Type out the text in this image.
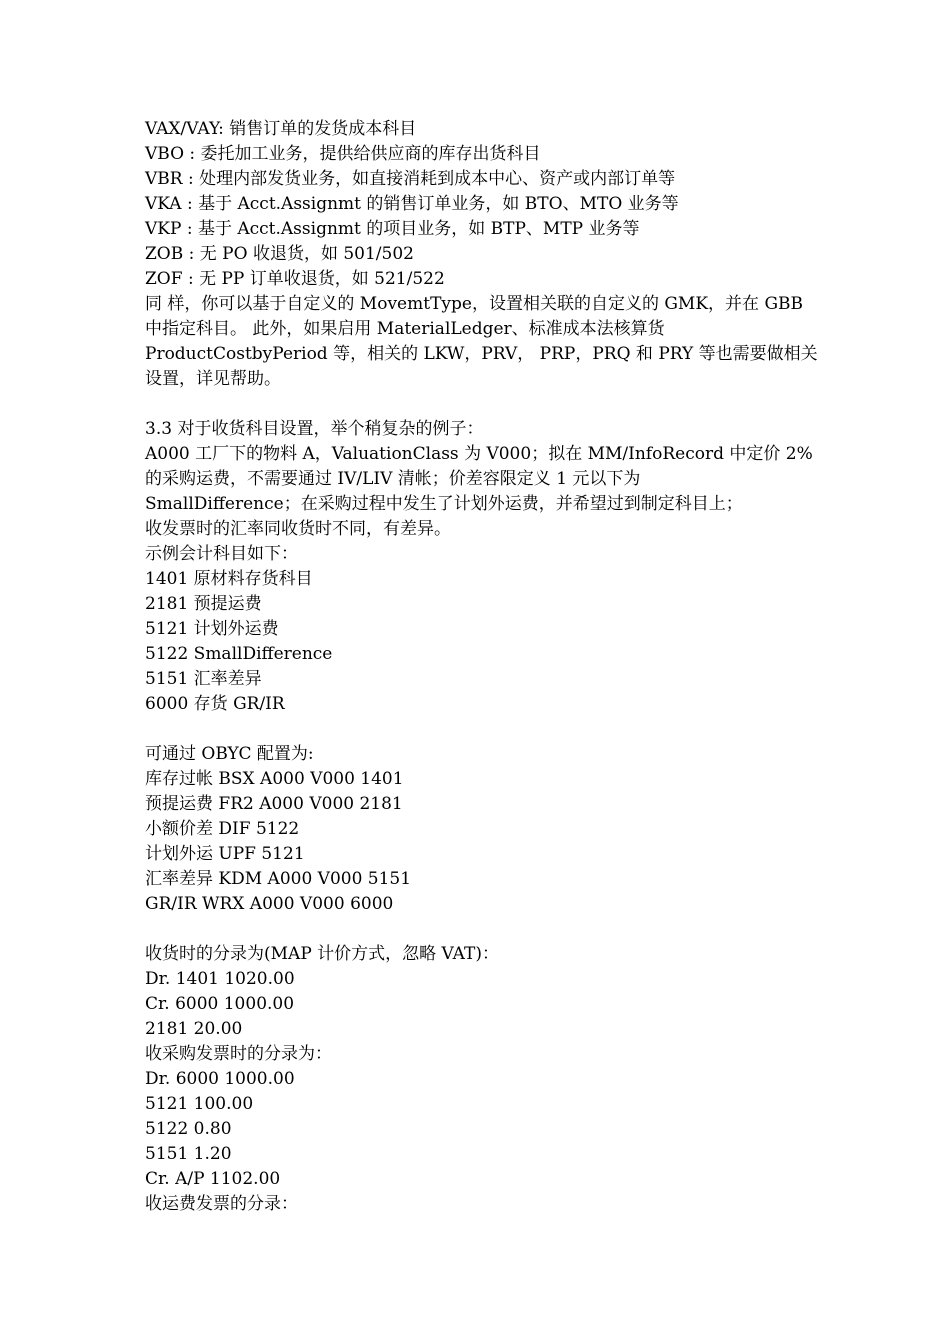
VAX/VAY: 销售订单的发货成本科目
VBO : 委托加工业务，提供给供应商的库存出货科目
VBR : 处理内部发货业务，如直接消耗到成本中心、资产或内部订单等
VKA : 基于 Acct.Assignmt 的销售订单业务，如 BTO、MTO 业务等
VKP : 基于 Acct.Assignmt 的项目业务，如 BTP、MTP 业务等
ZOB : 无 PO 收退货，如 501/502
ZOF : 无 PP 订单收退货，如 521/522
同 样，你可以基于自定义的 MovemtType，设置相关联的自定义的 GMK，并在 GBB
中指定科目。 此外，如果启用 MaterialLedger、标准成本法核算货
ProductCostbyPeriod 等，相关的 LKW，PRV， PRP，PRQ 和 PRY 等也需要做相关
设置，详见帮助。
3.3 对于收货科目设置，举个稍复杂的例子：
A000 工厂下的物料 A，ValuationClass 为 V000；拟在 MM/InfoRecord 中定价 2%
的采购运费，不需要通过 IV/LIV 清帐；价差容限定义 1 元以下为
SmallDifference；在采购过程中发生了计划外运费，并希望过到制定科目上；
收发票时的汇率同收货时不同，有差异。
示例会计科目如下：
1401 原材料存货科目
2181 预提运费
5121 计划外运费
5122 SmallDifference
5151 汇率差异
6000 存货 GR/IR
可通过 OBYC 配置为:
库存过帐 BSX A000 V000 1401
预提运费 FR2 A000 V000 2181
小额价差 DIF 5122
计划外运 UPF 5121
汇率差异 KDM A000 V000 5151
GR/IR WRX A000 V000 6000
收货时的分录为(MAP 计价方式，忽略 VAT)：
Dr. 1401 1020.00
Cr. 6000 1000.00
2181 20.00
收采购发票时的分录为：
Dr. 6000 1000.00
5121 100.00
5122 0.80
5151 1.20
Cr. A/P 1102.00
收运费发票的分录：
